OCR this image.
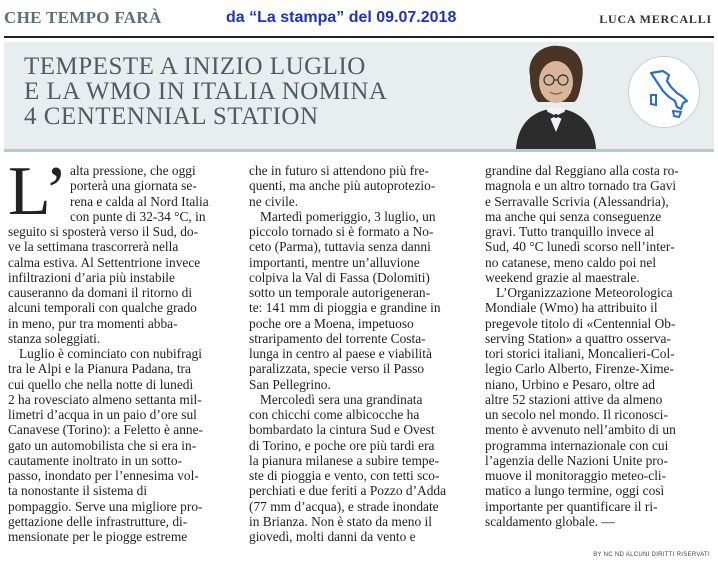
CHE TEMPO FARÀ	da “La stampa” del 09.07.2018	LUCA MERCALLI
TEMPESTE A INIZIO LUGLIO
E LA WMO IN ITALIA NOMINA
4 CENTENNIAL STATION
L’ alta pressione, che oggi
porterà una giornata se-
rena e calda al Nord Italia
con punte di 32-34 °C, in
seguito si sposterà verso il Sud, do-
ve la settimana trascorrerà nella
calma estiva. Al Settentrione invece
infiltrazioni d’aria più instabile
causeranno da domani il ritorno di
alcuni temporali con qualche grado
in meno, pur tra momenti abba-
stanza soleggiati.
Luglio è cominciato con nubifragi
tra le Alpi e la Pianura Padana, tra
cui quello che nella notte di lunedì
2 ha rovesciato almeno settanta mil-
limetri d’acqua in un paio d’ore sul
Canavese (Torino): a Feletto è anne-
gato un automobilista che si era in-
cautamente inoltrato in un sotto-
passo, inondato per l’ennesima vol-
ta nonostante il sistema di
pompaggio. Serve una migliore pro-
gettazione delle infrastrutture, di-
mensionate per le piogge estreme
che in futuro si attendono più fre-
quenti, ma anche più autoprotezio-
ne civile.
Martedì pomeriggio, 3 luglio, un
piccolo tornado si è formato a No-
ceto (Parma), tuttavia senza danni
importanti, mentre un’alluvione
colpiva la Val di Fassa (Dolomiti)
sotto un temporale autorigeneran-
te: 141 mm di pioggia e grandine in
poche ore a Moena, impetuoso
straripamento del torrente Costa-
lunga in centro al paese e viabilità
paralizzata, specie verso il Passo
San Pellegrino.
Mercoledì sera una grandinata
con chicchi come albicocche ha
bombardato la cintura Sud e Ovest
di Torino, e poche ore più tardi era
la pianura milanese a subire tempe-
ste di pioggia e vento, con tetti sco-
perchiati e due feriti a Pozzo d’Adda
(77 mm d’acqua), e strade inondate
in Brianza. Non è stato da meno il
giovedì, molti danni da vento e
grandine dal Reggiano alla costa ro-
magnola e un altro tornado tra Gavi
e Serravalle Scrivia (Alessandria),
ma anche qui senza conseguenze
gravi. Tutto tranquillo invece al
Sud, 40 °C lunedì scorso nell’inter-
no catanese, meno caldo poi nel
weekend grazie al maestrale.
L’Organizzazione Meteorologica
Mondiale (Wmo) ha attribuito il
pregevole titolo di «Centennial Ob-
serving Station» a quattro osserva-
tori storici italiani, Moncalieri-Col-
legio Carlo Alberto, Firenze-Xime-
niano, Urbino e Pesaro, oltre ad
altre 52 stazioni attive da almeno
un secolo nel mondo. Il riconosci-
mento è avvenuto nell’ambito di un
programma internazionale con cui
l’agenzia delle Nazioni Unite pro-
muove il monitoraggio meteo-cli-
matico a lungo termine, oggi così
importante per quantificare il ri-
scaldamento globale. —
BY NC ND ALCUNI DIRITTI RISERVATI
